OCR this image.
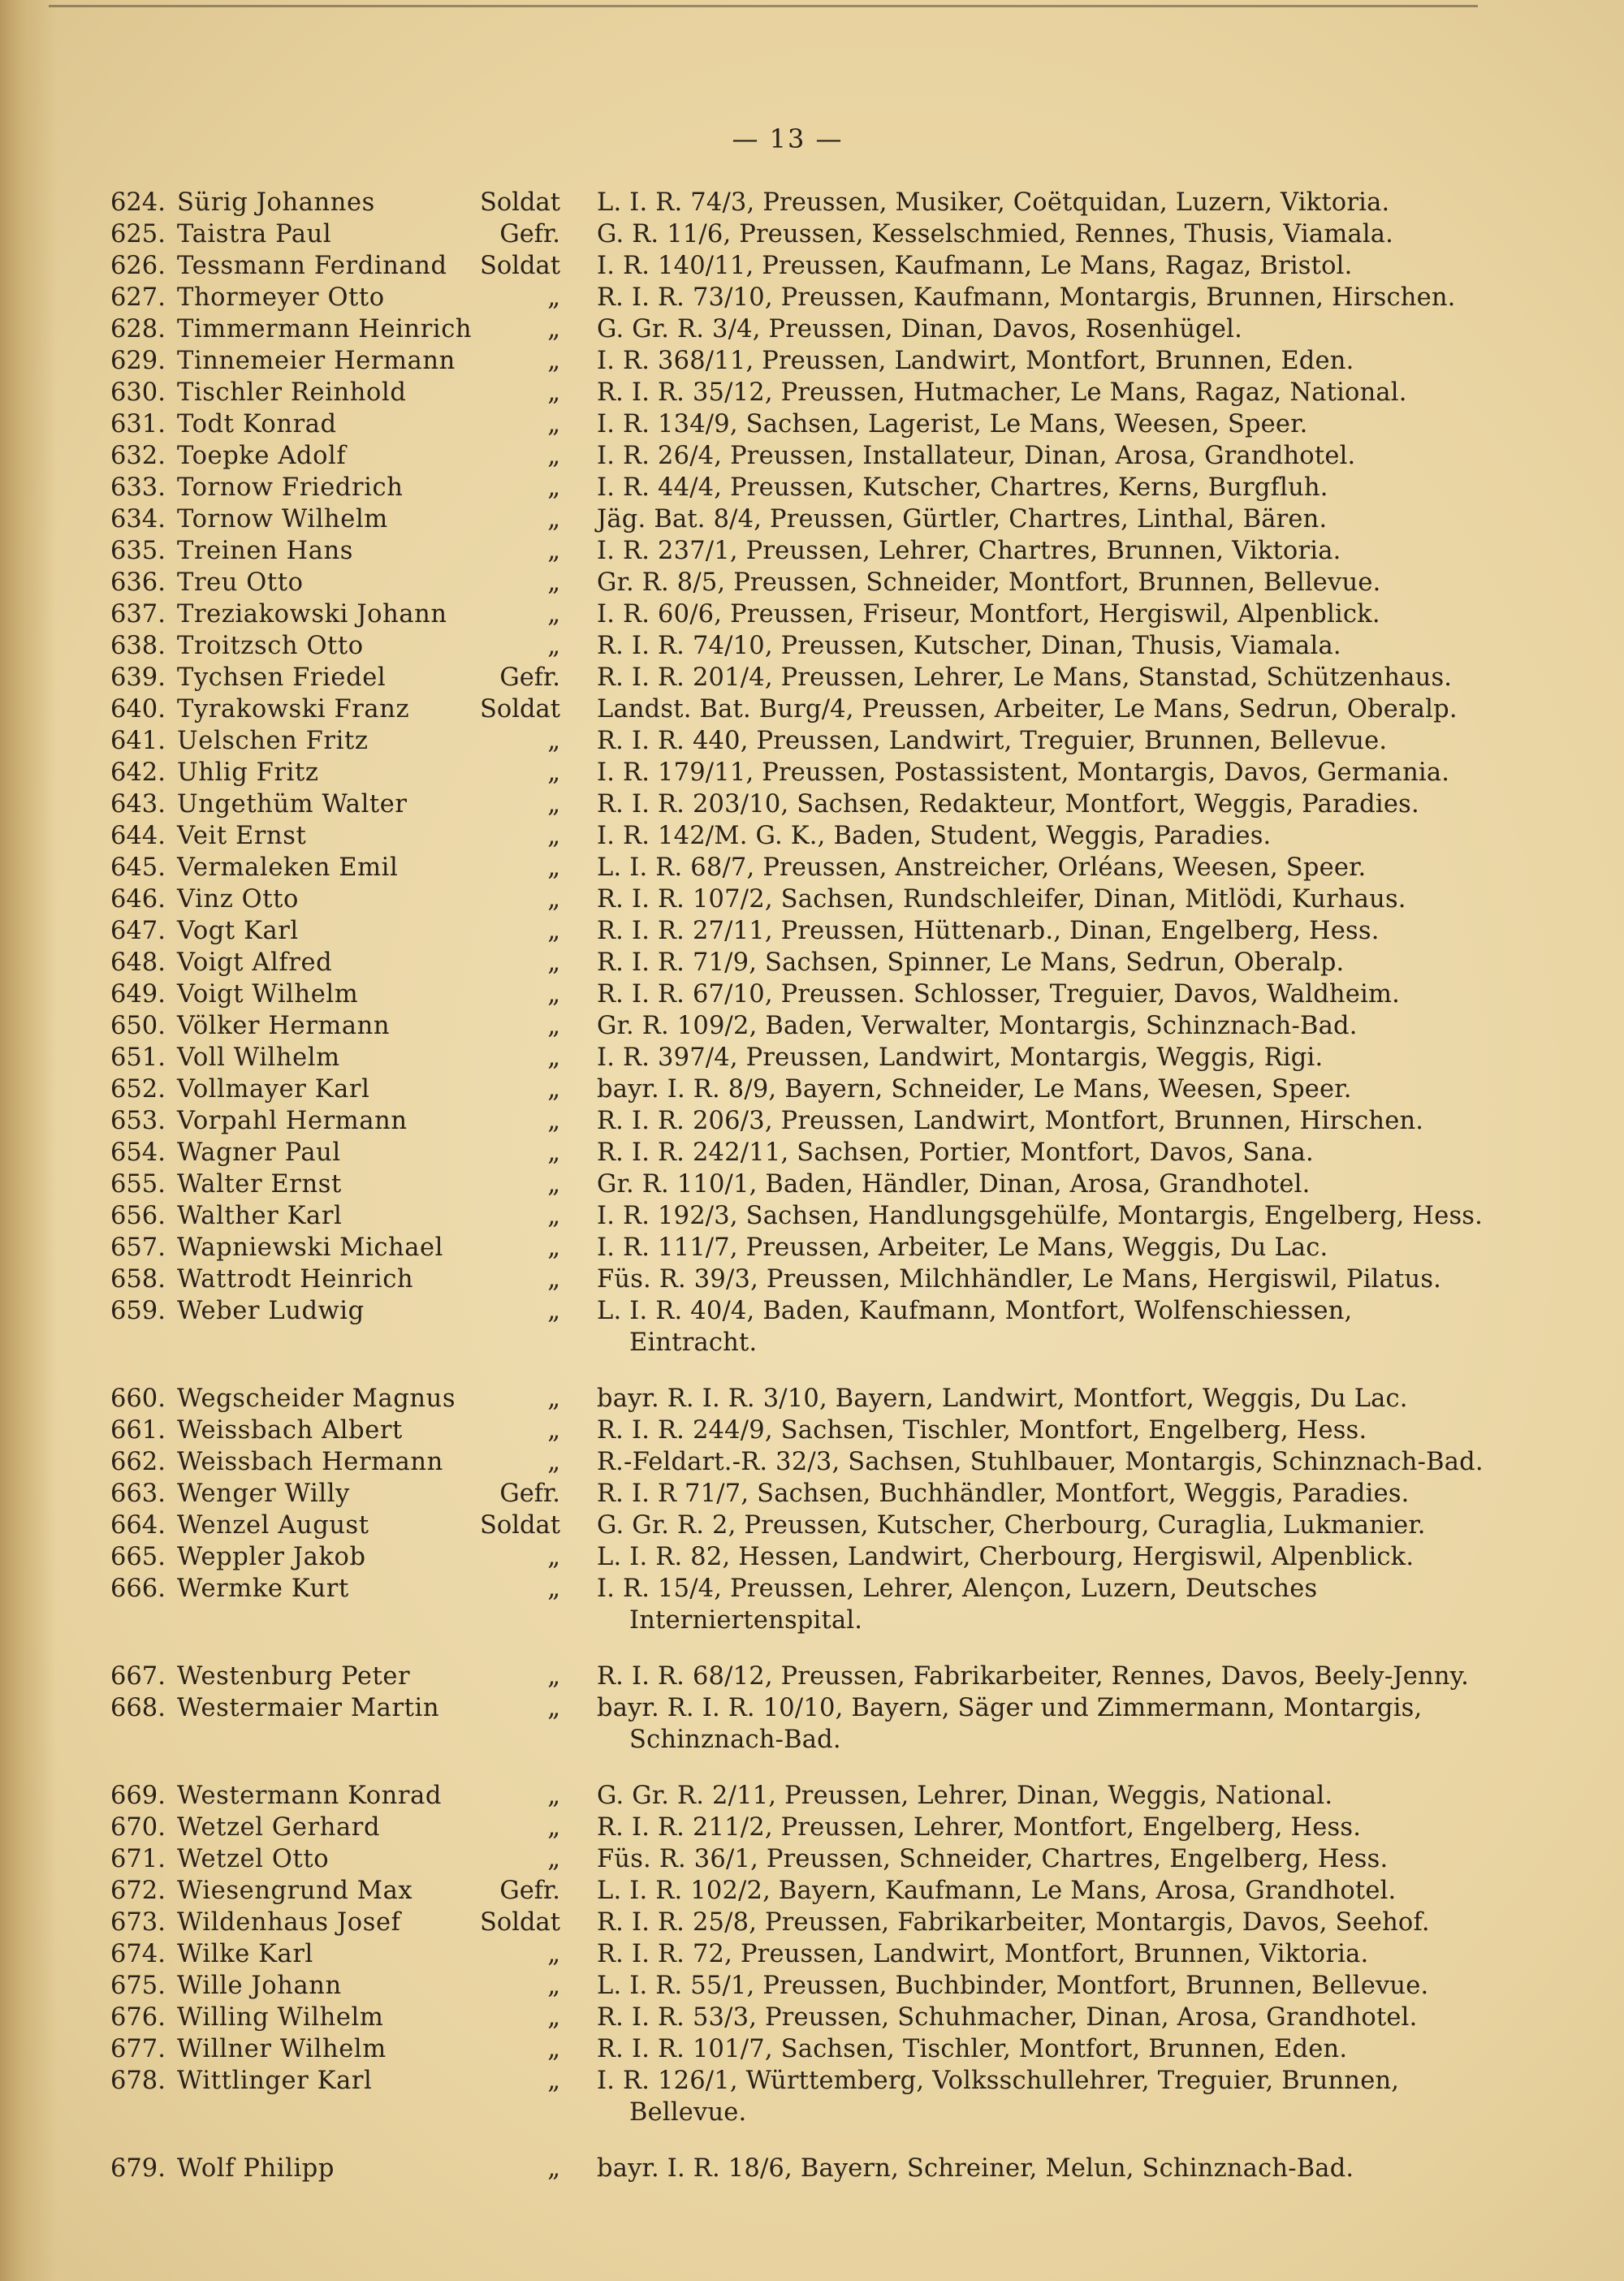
— 13 —
624. Sürig Johannes	Soldat L. I. R. 74/3, Preussen, Musiker, Coëtquidan, Luzern, Viktoria.
625. Taistra Paul	Gefr. G. R. 11/6, Preussen, Kesselschmied, Rennes, Thusis, Viamala.
626. Tessmann Ferdinand	Soldat I. R. 140/11, Preussen, Kaufmann, Le Mans, Ragaz, Bristol.
627. Thormeyer Otto	„ R. I. R. 73/10, Preussen, Kaufmann, Montargis, Brunnen, Hirschen.
628. Timmermann Heinrich	„ G. Gr. R. 3/4, Preussen, Dinan, Davos, Rosenhügel.
629. Tinnemeier Hermann	„ I. R. 368/11, Preussen, Landwirt, Montfort, Brunnen, Eden.
630. Tischler Reinhold	„ R. I. R. 35/12, Preussen, Hutmacher, Le Mans, Ragaz, National.
631. Todt Konrad	„ I. R. 134/9, Sachsen, Lagerist, Le Mans, Weesen, Speer.
632. Toepke Adolf	„ I. R. 26/4, Preussen, Installateur, Dinan, Arosa, Grandhotel.
633. Tornow Friedrich	„ I. R. 44/4, Preussen, Kutscher, Chartres, Kerns, Burgfluh.
634. Tornow Wilhelm	„ Jäg. Bat. 8/4, Preussen, Gürtler, Chartres, Linthal, Bären.
635. Treinen Hans	„ I. R. 237/1, Preussen, Lehrer, Chartres, Brunnen, Viktoria.
636. Treu Otto	„ Gr. R. 8/5, Preussen, Schneider, Montfort, Brunnen, Bellevue.
637. Treziakowski Johann	„ I. R. 60/6, Preussen, Friseur, Montfort, Hergiswil, Alpenblick.
638. Troitzsch Otto	„ R. I. R. 74/10, Preussen, Kutscher, Dinan, Thusis, Viamala.
639. Tychsen Friedel	Gefr. R. I. R. 201/4, Preussen, Lehrer, Le Mans, Stanstad, Schützenhaus.
640. Tyrakowski Franz	Soldat Landst. Bat. Burg/4, Preussen, Arbeiter, Le Mans, Sedrun, Oberalp.
641. Uelschen Fritz	„ R. I. R. 440, Preussen, Landwirt, Treguier, Brunnen, Bellevue.
642. Uhlig Fritz	„ I. R. 179/11, Preussen, Postassistent, Montargis, Davos, Germania.
643. Ungethüm Walter	„ R. I. R. 203/10, Sachsen, Redakteur, Montfort, Weggis, Paradies.
644. Veit Ernst	„ I. R. 142/M. G. K., Baden, Student, Weggis, Paradies.
645. Vermaleken Emil	„ L. I. R. 68/7, Preussen, Anstreicher, Orléans, Weesen, Speer.
646. Vinz Otto	„ R. I. R. 107/2, Sachsen, Rundschleifer, Dinan, Mitlödi, Kurhaus.
647. Vogt Karl	„ R. I. R. 27/11, Preussen, Hüttenarb., Dinan, Engelberg, Hess.
648. Voigt Alfred	„ R. I. R. 71/9, Sachsen, Spinner, Le Mans, Sedrun, Oberalp.
649. Voigt Wilhelm	„ R. I. R. 67/10, Preussen. Schlosser, Treguier, Davos, Waldheim.
650. Völker Hermann	„ Gr. R. 109/2, Baden, Verwalter, Montargis, Schinznach-Bad.
651. Voll Wilhelm	„ I. R. 397/4, Preussen, Landwirt, Montargis, Weggis, Rigi.
652. Vollmayer Karl	„ bayr. I. R. 8/9, Bayern, Schneider, Le Mans, Weesen, Speer.
653. Vorpahl Hermann	„ R. I. R. 206/3, Preussen, Landwirt, Montfort, Brunnen, Hirschen.
654. Wagner Paul	„ R. I. R. 242/11, Sachsen, Portier, Montfort, Davos, Sana.
655. Walter Ernst	„ Gr. R. 110/1, Baden, Händler, Dinan, Arosa, Grandhotel.
656. Walther Karl	„ I. R. 192/3, Sachsen, Handlungsgehülfe, Montargis, Engelberg, Hess.
657. Wapniewski Michael	„ I. R. 111/7, Preussen, Arbeiter, Le Mans, Weggis, Du Lac.
658. Wattrodt Heinrich	„ Füs. R. 39/3, Preussen, Milchhändler, Le Mans, Hergiswil, Pilatus.
659. Weber Ludwig	„ L. I. R. 40/4, Baden, Kaufmann, Montfort, Wolfenschiessen,
Eintracht.
660. Wegscheider Magnus	„ bayr. R. I. R. 3/10, Bayern, Landwirt, Montfort, Weggis, Du Lac.
661. Weissbach Albert	„ R. I. R. 244/9, Sachsen, Tischler, Montfort, Engelberg, Hess.
662. Weissbach Hermann	„ R.-Feldart.-R. 32/3, Sachsen, Stuhlbauer, Montargis, Schinznach-Bad.
663. Wenger Willy	Gefr. R. I. R 71/7, Sachsen, Buchhändler, Montfort, Weggis, Paradies.
664. Wenzel August	Soldat G. Gr. R. 2, Preussen, Kutscher, Cherbourg, Curaglia, Lukmanier.
665. Weppler Jakob	„ L. I. R. 82, Hessen, Landwirt, Cherbourg, Hergiswil, Alpenblick.
666. Wermke Kurt	„ I. R. 15/4, Preussen, Lehrer, Alençon, Luzern, Deutsches
Interniertenspital.
667. Westenburg Peter	„ R. I. R. 68/12, Preussen, Fabrikarbeiter, Rennes, Davos, Beely-Jenny.
668. Westermaier Martin	„ bayr. R. I. R. 10/10, Bayern, Säger und Zimmermann, Montargis,
Schinznach-Bad.
669. Westermann Konrad	„ G. Gr. R. 2/11, Preussen, Lehrer, Dinan, Weggis, National.
670. Wetzel Gerhard	„ R. I. R. 211/2, Preussen, Lehrer, Montfort, Engelberg, Hess.
671. Wetzel Otto	„ Füs. R. 36/1, Preussen, Schneider, Chartres, Engelberg, Hess.
672. Wiesengrund Max	Gefr. L. I. R. 102/2, Bayern, Kaufmann, Le Mans, Arosa, Grandhotel.
673. Wildenhaus Josef	Soldat R. I. R. 25/8, Preussen, Fabrikarbeiter, Montargis, Davos, Seehof.
674. Wilke Karl	„ R. I. R. 72, Preussen, Landwirt, Montfort, Brunnen, Viktoria.
675. Wille Johann	„ L. I. R. 55/1, Preussen, Buchbinder, Montfort, Brunnen, Bellevue.
676. Willing Wilhelm	„ R. I. R. 53/3, Preussen, Schuhmacher, Dinan, Arosa, Grandhotel.
677. Willner Wilhelm	„ R. I. R. 101/7, Sachsen, Tischler, Montfort, Brunnen, Eden.
678. Wittlinger Karl	„ I. R. 126/1, Württemberg, Volksschullehrer, Treguier, Brunnen,
Bellevue.
679. Wolf Philipp	„ bayr. I. R. 18/6, Bayern, Schreiner, Melun, Schinznach-Bad.
